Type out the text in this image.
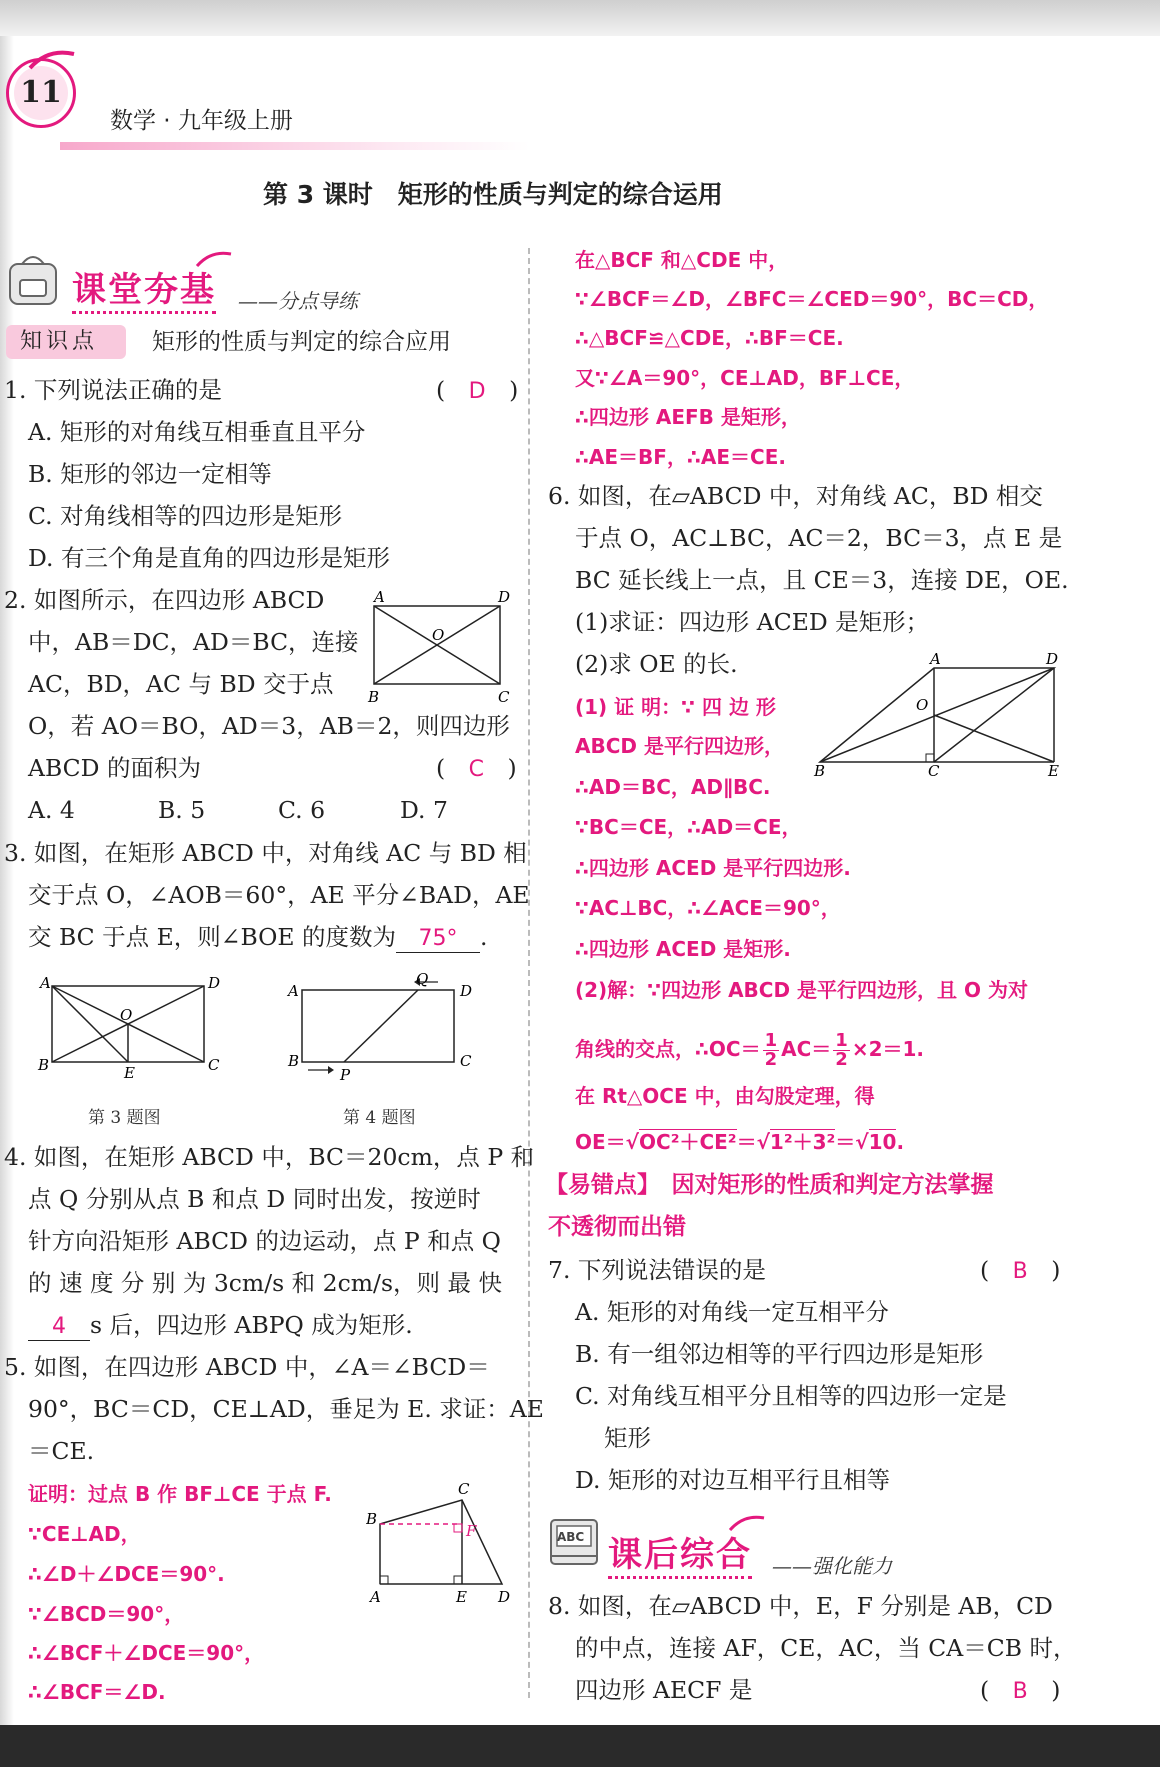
11
数学 · 九年级上册
第 3 课时　矩形的性质与判定的综合运用
课堂夯基 ——分点导练
知识点 矩形的性质与判定的综合应用
1. 下列说法正确的是	(　D　)
A. 矩形的对角线互相垂直且平分
B. 矩形的邻边一定相等
C. 对角线相等的四边形是矩形
D. 有三个角是直角的四边形是矩形
2. 如图所示，在四边形 ABCD
中，AB＝DC，AD＝BC，连接
AC，BD，AC 与 BD 交于点
O，若 AO＝BO，AD＝3，AB＝2，则四边形
ABCD 的面积为	(　C　)
A. 4	B. 5	C. 6	D. 7
A	D
O
B	C
3. 如图，在矩形 ABCD 中，对角线 AC 与 BD 相
交于点 O，∠AOB＝60°，AE 平分∠BAD，AE
交 BC 于点 E，则∠BOE 的度数为 75° .
A	D
O
B	E	C
第 3 题图
A
Q
D
B
P
C
第 4 题图
4. 如图，在矩形 ABCD 中，BC＝20cm，点 P 和
点 Q 分别从点 B 和点 D 同时出发，按逆时
针方向沿矩形 ABCD 的边运动，点 P 和点 Q
的 速 度 分 别 为 3cm/s 和 2cm/s，则 最 快
4 s 后，四边形 ABPQ 成为矩形.
5. 如图，在四边形 ABCD 中，∠A＝∠BCD＝
90°，BC＝CD，CE⊥AD，垂足为 E. 求证：AE
＝CE.
证明：过点 B 作 BF⊥CE 于点 F.
∵CE⊥AD，
∴∠D＋∠DCE＝90°.
∵∠BCD＝90°，
∴∠BCF＋∠DCE＝90°，
∴∠BCF＝∠D.
C
B
F
A	E D
在△BCF 和△CDE 中，
∵∠BCF＝∠D，∠BFC＝∠CED＝90°，BC＝CD，
∴△BCF≌△CDE，∴BF＝CE.
又∵∠A＝90°，CE⊥AD，BF⊥CE，
∴四边形 AEFB 是矩形，
∴AE＝BF，∴AE＝CE.
6. 如图，在▱ABCD 中，对角线 AC，BD 相交
于点 O，AC⊥BC，AC＝2，BC＝3，点 E 是
BC 延长线上一点，且 CE＝3，连接 DE，OE.
(1)求证：四边形 ACED 是矩形；
(2)求 OE 的长.
(1) 证 明：∵ 四 边 形
ABCD 是平行四边形，
∴AD＝BC，AD∥BC.
∵BC＝CE，∴AD＝CE，
∴四边形 ACED 是平行四边形.
∵AC⊥BC，∴∠ACE＝90°，
∴四边形 ACED 是矩形.
(2)解：∵四边形 ABCD 是平行四边形，且 O 为对
角线的交点，∴OC＝ $\frac{1}{2} AC= \frac{1}{2} \times 2=1$.
在 Rt△OCE 中，由勾股定理，得
OE＝√OC²＋CE²＝√1²＋3²＝√10.
A	D
O
B	C	E
【易错点】　 因对矩形的性质和判定方法掌握
不透彻而出错
7. 下列说法错误的是	(　B　)
A. 矩形的对角线一定互相平分
B. 有一组邻边相等的平行四边形是矩形
C. 对角线互相平分且相等的四边形一定是
矩形
D. 矩形的对边互相平行且相等
ABC 课后综合 ——强化能力
8. 如图，在▱ABCD 中，E，F 分别是 AB，CD
的中点，连接 AF，CE，AC，当 CA＝CB 时，
四边形 AECF 是	(　B　)
